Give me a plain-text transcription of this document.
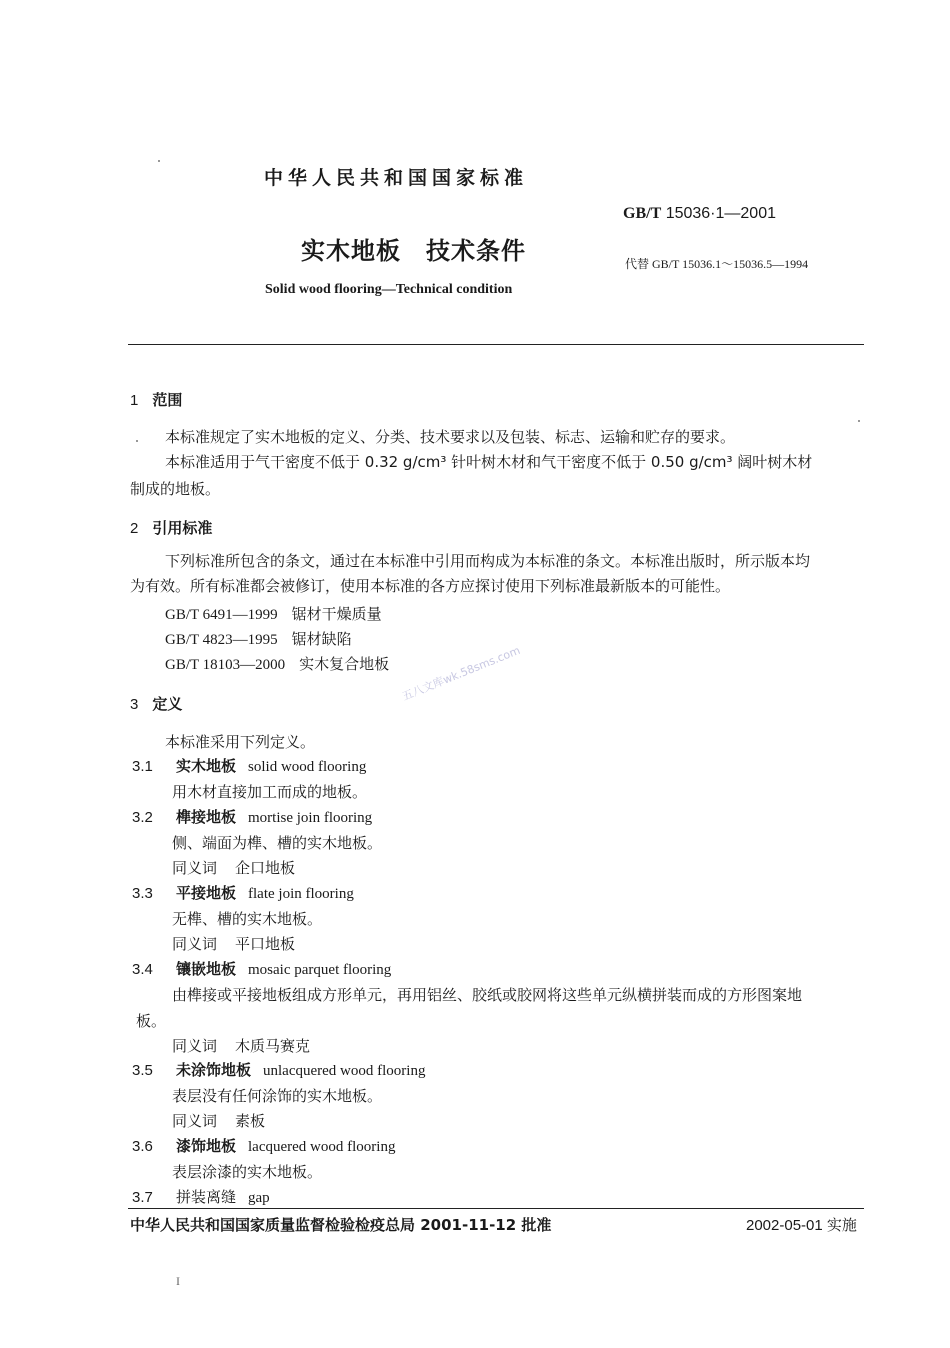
中华人民共和国国家标准
GB/T 15036·1—2001
实木地板　技术条件	代替 GB/T 15036.1～15036.5—1994
Solid wood flooring—Technical condition
1 范围
本标准规定了实木地板的定义、分类、技术要求以及包装、标志、运输和贮存的要求。
本标准适用于气干密度不低于 0.32 g/cm³ 针叶树木材和气干密度不低于 0.50 g/cm³ 阔叶树木材
制成的地板。
2 引用标准
下列标准所包含的条文，通过在本标准中引用而构成为本标准的条文。本标准出版时，所示版本均
为有效。所有标准都会被修订，使用本标准的各方应探讨使用下列标准最新版本的可能性。
GB/T 6491—1999 锯材干燥质量
GB/T 4823—1995 锯材缺陷
GB/T 18103—2000 实木复合地板 五八文库wk.58sms.com
3 定义
本标准采用下列定义。
3.1 实木地板 solid wood flooring
用木材直接加工而成的地板。
3.2 榫接地板 mortise join flooring
侧、端面为榫、槽的实木地板。
同义词 企口地板
3.3 平接地板 flate join flooring
无榫、槽的实木地板。
同义词 平口地板
3.4 镶嵌地板 mosaic parquet flooring
由榫接或平接地板组成方形单元，再用铝丝、胶纸或胶网将这些单元纵横拼装而成的方形图案地
板。
同义词 木质马赛克
3.5 未涂饰地板 unlacquered wood flooring
表层没有任何涂饰的实木地板。
同义词 素板
3.6 漆饰地板 lacquered wood flooring
表层涂漆的实木地板。
3.7 拼装离缝 gap
中华人民共和国国家质量监督检验检疫总局 2001-11-12 批准	2002-05-01 实施
I
